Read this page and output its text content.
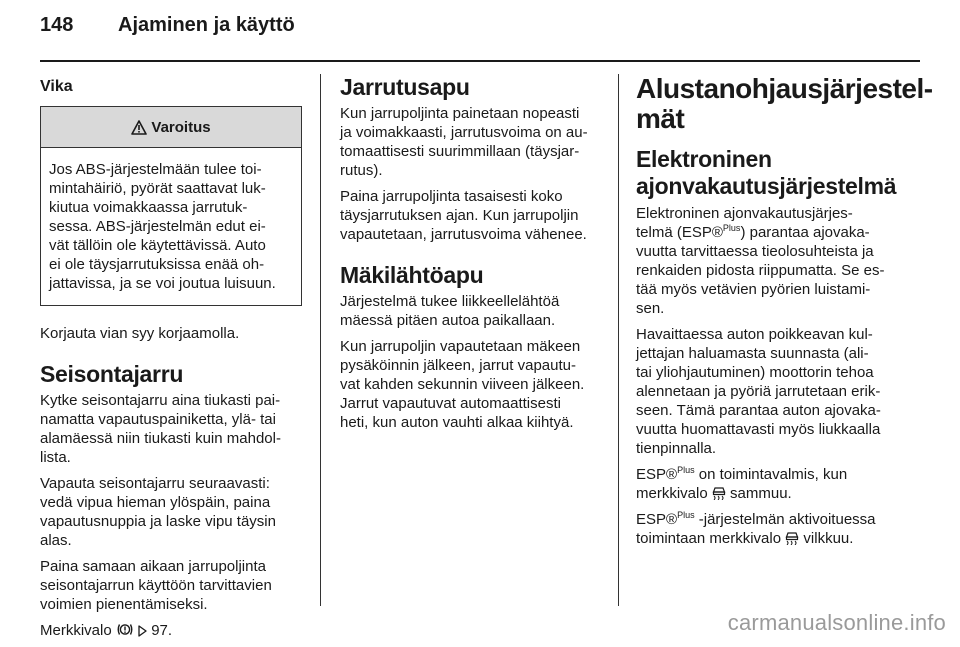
148 Ajaminen ja käyttö
Vika
Varoitus

Jos ABS-järjestelmään tulee toi-
mintahäiriö, pyörät saattavat luk-
kiutua voimakkaassa jarrutuk-
sessa. ABS-järjestelmän edut ei-
vät tällöin ole käytettävissä. Auto
ei ole täysjarrutuksissa enää oh-
jattavissa, ja se voi joutua luisuun.

Korjauta vian syy korjaamolla.

Seisontajarru

Kytke seisontajarru aina tiukasti pai-
namatta vapautuspainiketta, ylä- tai
alamäessä niin tiukasti kuin mahdol-
lista.

Vapauta seisontajarru seuraavasti:
vedä vipua hieman ylöspäin, paina
vapautusnuppia ja laske vipu täysin
alas.

Paina samaan aikaan jarrupoljinta
seisontajarrun käyttöön tarvittavien
voimien pienentämiseksi.

Merkkivalo	97.

Jarrutusapu

Kun jarrupoljinta painetaan nopeasti
ja voimakkaasti, jarrutusvoima on au-
tomaattisesti suurimmillaan (täysjar-
rutus).

Paina jarrupoljinta tasaisesti koko
täysjarrutuksen ajan. Kun jarrupoljin
vapautetaan, jarrutusvoima vähenee.

Mäkilähtöapu

Järjestelmä tukee liikkeellelähtöä
mäessä pitäen autoa paikallaan.

Kun jarrupoljin vapautetaan mäkeen
pysäköinnin jälkeen, jarrut vapautu-
vat kahden sekunnin viiveen jälkeen.
Jarrut vapautuvat automaattisesti
heti, kun auton vauhti alkaa kiihtyä.

Alustanohjausjärjestel-
mät
Elektroninen
ajonvakautusjärjestelmä

Elektroninen ajonvakautusjärjes-
telmä (ESP®$^{Plus}$) parantaa ajovaka-
vuutta tarvittaessa tieolosuhteista ja
renkaiden pidosta riippumatta. Se es-
tää myös vetävien pyörien luistami-
sen.

Havaittaessa auton poikkeavan kul-
jettajan haluamasta suunnasta (ali-
tai yliohjautuminen) moottorin tehoa
alennetaan ja pyöriä jarrutetaan erik-
seen. Tämä parantaa auton ajovaka-
vuutta huomattavasti myös liukkaalla
tienpinnalla.

ESP®$^{Plus}$ on toimintavalmis, kun
merkkivalo sammuu.

ESP®$^{Plus}$ -järjestelmän aktivoituessa
toimintaan merkkivalo vilkkuu.

carmanualsonline.info
